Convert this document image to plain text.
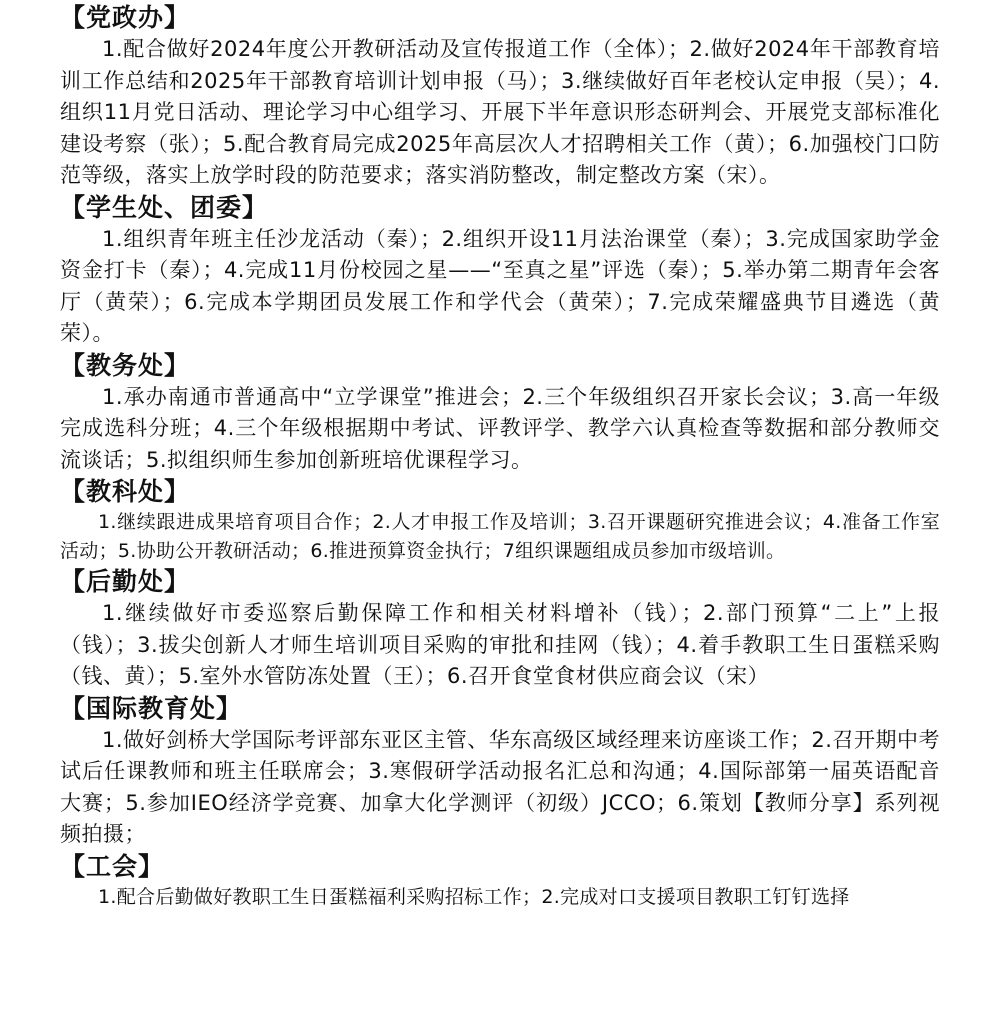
【党政办】

1.配合做好2024年度公开教研活动及宣传报道工作（全体）；2.做好2024年干部教育培训工作总结和2025年干部教育培训计划申报（马）；3.继续做好百年老校认定申报（吴）；4.组织11月党日活动、理论学习中心组学习、开展下半年意识形态研判会、开展党支部标准化建设考察（张）；5.配合教育局完成2025年高层次人才招聘相关工作（黄）；6.加强校门口防范等级，落实上放学时段的防范要求；落实消防整改，制定整改方案（宋）。

【学生处、团委】

1.组织青年班主任沙龙活动（秦）；2.组织开设11月法治课堂（秦）；3.完成国家助学金资金打卡（秦）；4.完成11月份校园之星——“至真之星”评选（秦）；5.举办第二期青年会客厅（黄荣）；6.完成本学期团员发展工作和学代会（黄荣）；7.完成荣耀盛典节目遴选（黄荣）。

【教务处】

1.承办南通市普通高中“立学课堂”推进会；2.三个年级组织召开家长会议；3.高一年级完成选科分班；4.三个年级根据期中考试、评教评学、教学六认真检查等数据和部分教师交流谈话；5.拟组织师生参加创新班培优课程学习。

【教科处】

1.继续跟进成果培育项目合作；2.人才申报工作及培训；3.召开课题研究推进会议；4.准备工作室活动；5.协助公开教研活动；6.推进预算资金执行；7组织课题组成员参加市级培训。

【后勤处】

1.继续做好市委巡察后勤保障工作和相关材料增补（钱）；2.部门预算“二上”上报（钱）；3.拔尖创新人才师生培训项目采购的审批和挂网（钱）；4.着手教职工生日蛋糕采购（钱、黄）；5.室外水管防冻处置（王）；6.召开食堂食材供应商会议（宋）

【国际教育处】

1.做好剑桥大学国际考评部东亚区主管、华东高级区域经理来访座谈工作；2.召开期中考试后任课教师和班主任联席会；3.寒假研学活动报名汇总和沟通；4.国际部第一届英语配音大赛；5.参加IEO经济学竞赛、加拿大化学测评（初级）JCCO；6.策划【教师分享】系列视频拍摄；

【工会】

1.配合后勤做好教职工生日蛋糕福利采购招标工作；2.完成对口支援项目教职工钉钉选择
